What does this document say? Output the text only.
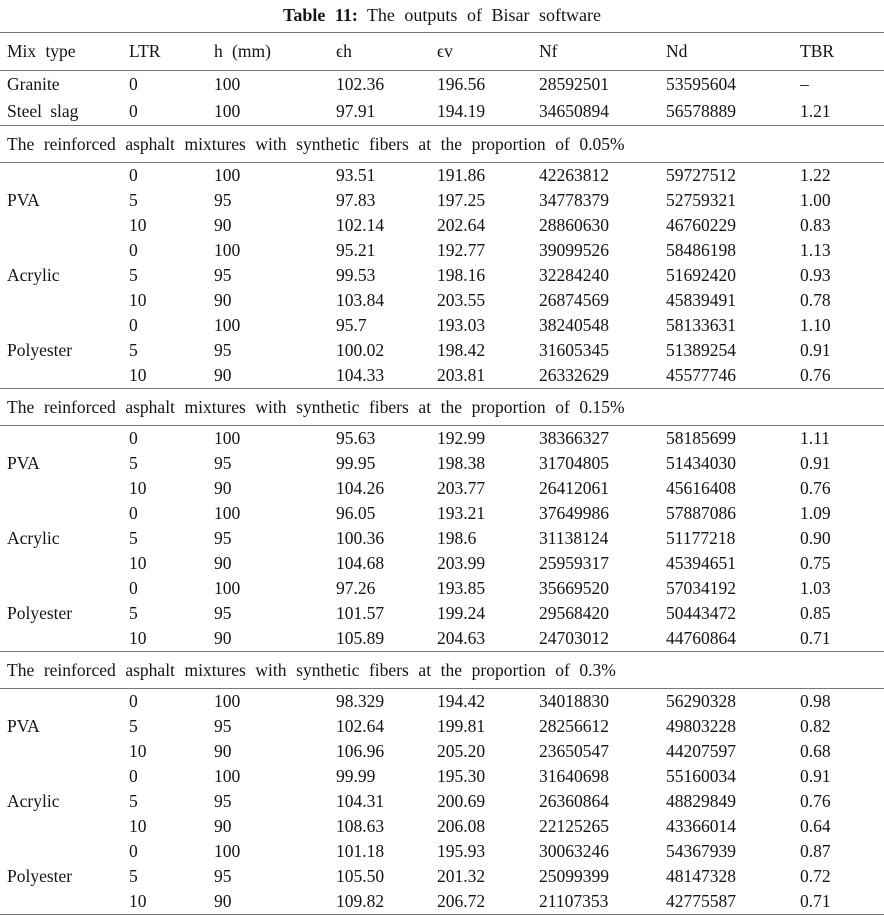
Table 11: The outputs of Bisar software
Mix type	LTR	h (mm)	ϵh	ϵv	Nf	Nd	TBR
Granite	0	100	102.36	196.56	28592501	53595604	–
Steel slag	0	100	97.91	194.19	34650894	56578889	1.21
The reinforced asphalt mixtures with synthetic fibers at the proportion of 0.05%							
	0	100	93.51	191.86	42263812	59727512	1.22
PVA	5	95	97.83	197.25	34778379	52759321	1.00
	10	90	102.14	202.64	28860630	46760229	0.83
	0	100	95.21	192.77	39099526	58486198	1.13
Acrylic	5	95	99.53	198.16	32284240	51692420	0.93
	10	90	103.84	203.55	26874569	45839491	0.78
	0	100	95.7	193.03	38240548	58133631	1.10
Polyester	5	95	100.02	198.42	31605345	51389254	0.91
	10	90	104.33	203.81	26332629	45577746	0.76
The reinforced asphalt mixtures with synthetic fibers at the proportion of 0.15%							
	0	100	95.63	192.99	38366327	58185699	1.11
PVA	5	95	99.95	198.38	31704805	51434030	0.91
	10	90	104.26	203.77	26412061	45616408	0.76
	0	100	96.05	193.21	37649986	57887086	1.09
Acrylic	5	95	100.36	198.6	31138124	51177218	0.90
	10	90	104.68	203.99	25959317	45394651	0.75
	0	100	97.26	193.85	35669520	57034192	1.03
Polyester	5	95	101.57	199.24	29568420	50443472	0.85
	10	90	105.89	204.63	24703012	44760864	0.71
The reinforced asphalt mixtures with synthetic fibers at the proportion of 0.3%							
	0	100	98.329	194.42	34018830	56290328	0.98
PVA	5	95	102.64	199.81	28256612	49803228	0.82
	10	90	106.96	205.20	23650547	44207597	0.68
	0	100	99.99	195.30	31640698	55160034	0.91
Acrylic	5	95	104.31	200.69	26360864	48829849	0.76
	10	90	108.63	206.08	22125265	43366014	0.64
	0	100	101.18	195.93	30063246	54367939	0.87
Polyester	5	95	105.50	201.32	25099399	48147328	0.72
	10	90	109.82	206.72	21107353	42775587	0.71
